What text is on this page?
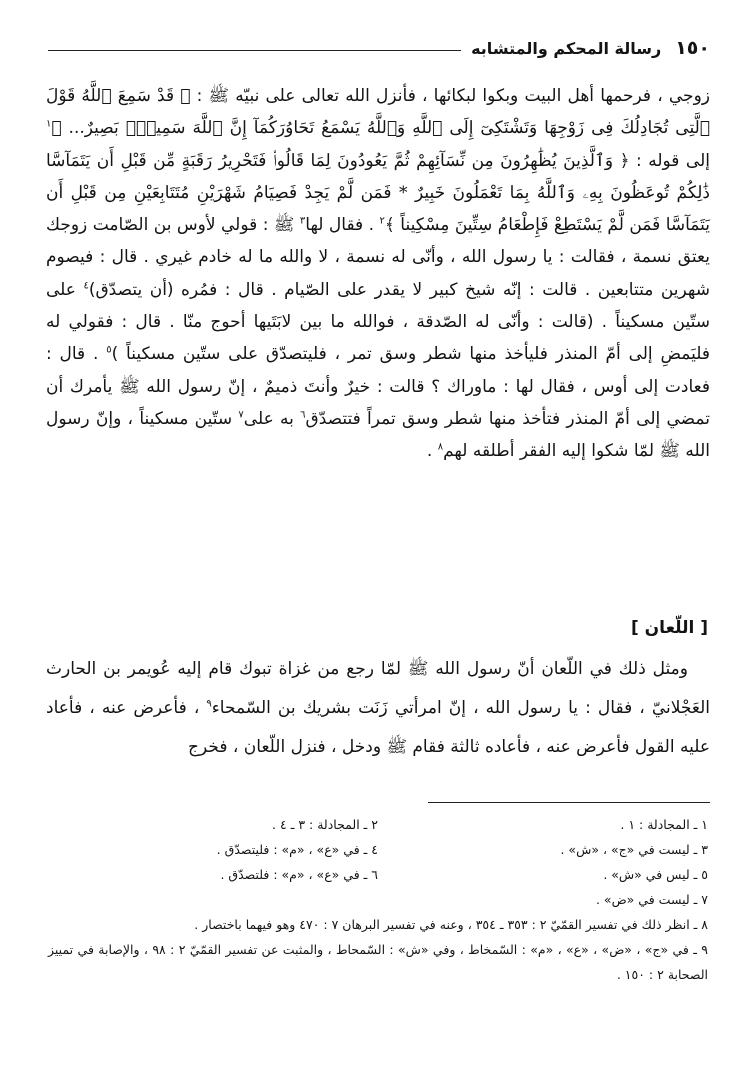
١٥٠
رسالة المحكم والمتشابه

زوجي ، فرحمها أهل البيت وبكوا لبكائها ، فأنزل الله تعالى على نبيّه ﷺ : ﴿ قَدْ سَمِعَ ٱللَّهُ قَوْلَ ٱلَّتِى تُجَادِلُكَ فِى زَوْجِهَا وَتَشْتَكِىٓ إِلَى ٱللَّهِ وَٱللَّهُ يَسْمَعُ تَحَاوُرَكُمَآ إِنَّ ٱللَّهَ سَمِيعٌۢ بَصِيرٌ... ﴾$^١$ إلى قوله : ﴿ وَٱلَّذِينَ يُظَٰهِرُونَ مِن نِّسَآئِهِمْ ثُمَّ يَعُودُونَ لِمَا قَالُوا۟ فَتَحْرِيرُ رَقَبَةٍ مِّن قَبْلِ أَن يَتَمَآسَّا ذَٰلِكُمْ تُوعَظُونَ بِهِۦ وَٱللَّهُ بِمَا تَعْمَلُونَ خَبِيرٌ * فَمَن لَّمْ يَجِدْ فَصِيَامُ شَهْرَيْنِ مُتَتَابِعَيْنِ مِن قَبْلِ أَن يَتَمَآسَّا فَمَن لَّمْ يَسْتَطِعْ فَإِطْعَامُ سِتِّينَ مِسْكِيناً ﴾$^٢$ . فقال لها$^٣$ ﷺ : قولي لأوس بن الصّامت زوجك يعتق نسمة ، فقالت : يا رسول الله ، وأنّى له نسمة ، لا والله ما له خادم غيري . قال : فيصوم شهرين متتابعين . قالت : إنّه شيخ كبير لا يقدر على الصّيام . قال : فمُره (أن يتصدّق)$^٤$ على ستّين مسكيناً . (قالت : وأنّى له الصّدقة ، فوالله ما بين لابَتَيها أحوج منّا . قال : فقولي له فليَمضِ إلى أمّ المنذر فليأخذ منها شطر وسق تمر ، فليتصدّق على ستّين مسكيناً )$^٥$ . قال : فعادت إلى أوس ، فقال لها : ماوراك ؟ قالت : خيرٌ وأنتَ ذميمٌ ، إنّ رسول الله ﷺ يأمرك أن تمضي إلى أمّ المنذر فتأخذ منها شطر وسق تمراً فتتصدّق$^٦$ به على$^٧$ ستّين مسكيناً ، وإنّ رسول الله ﷺ لمّا شكوا إليه الفقر أطلقه لهم$^٨$ .

[ اللّعان ]

ومثل ذلك في اللّعان أنّ رسول الله ﷺ لمّا رجع من غزاة تبوك قام إليه عُويمر بن الحارث العَجْلانيّ ، فقال : يا رسول الله ، إنّ امرأتي زَنَت بشريك بن السّمحاء$^٩$ ، فأعرض عنه ، فأعاد عليه القول فأعرض عنه ، فأعاده ثالثة فقام ﷺ ودخل ، فنزل اللّعان ، فخرج

١ ـ المجادلة : ١ .
٢ ـ المجادلة : ٣ ـ ٤ .
٣ ـ ليست في «ج» ، «ش» .
٤ ـ في «ع» ، «م» : فليتصدّق .
٥ ـ ليس في «ش» .
٦ ـ في «ع» ، «م» : فلتصدّق .
٧ ـ ليست في «ض» .
٨ ـ انظر ذلك في تفسير القمّيّ ٢ : ٣٥٣ ـ ٣٥٤ ، وعنه في تفسير البرهان ٧ : ٤٧٠ وهو فيهما باختصار .
٩ ـ في «ج» ، «ض» ، «ع» ، «م» : السّمخاط ، وفي «ش» : السّمحاط ، والمثبت عن تفسير القمّيّ ٢ : ٩٨ ، والإصابة في تمييز الصحابة ٢ : ١٥٠ .
